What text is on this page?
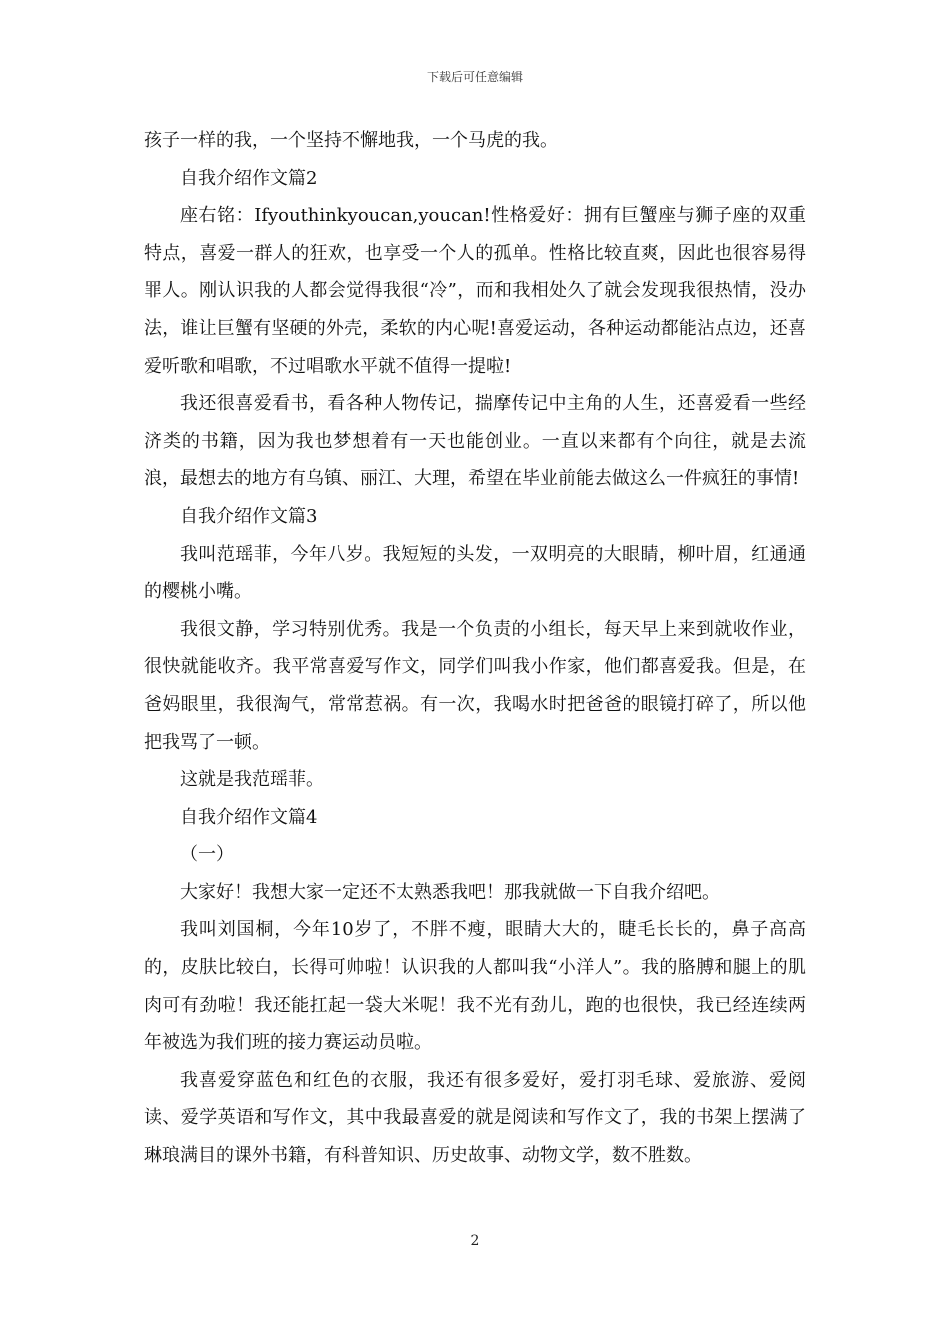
下载后可任意编辑

孩子一样的我，一个坚持不懈地我，一个马虎的我。

自我介绍作文篇2

座右铭：Ifyouthinkyoucan,youcan!性格爱好：拥有巨蟹座与狮子座的双重特点，喜爱一群人的狂欢，也享受一个人的孤单。性格比较直爽，因此也很容易得罪人。刚认识我的人都会觉得我很“冷”，而和我相处久了就会发现我很热情，没办法，谁让巨蟹有坚硬的外壳，柔软的内心呢!喜爱运动，各种运动都能沾点边，还喜爱听歌和唱歌，不过唱歌水平就不值得一提啦!

我还很喜爱看书，看各种人物传记，揣摩传记中主角的人生，还喜爱看一些经济类的书籍，因为我也梦想着有一天也能创业。一直以来都有个向往，就是去流浪，最想去的地方有乌镇、丽江、大理，希望在毕业前能去做这么一件疯狂的事情!

自我介绍作文篇3

我叫范瑶菲，今年八岁。我短短的头发，一双明亮的大眼睛，柳叶眉，红通通的樱桃小嘴。

我很文静，学习特别优秀。我是一个负责的小组长，每天早上来到就收作业，很快就能收齐。我平常喜爱写作文，同学们叫我小作家，他们都喜爱我。但是，在爸妈眼里，我很淘气，常常惹祸。有一次，我喝水时把爸爸的眼镜打碎了，所以他把我骂了一顿。

这就是我范瑶菲。

自我介绍作文篇4

（一）

大家好！我想大家一定还不太熟悉我吧！那我就做一下自我介绍吧。

我叫刘国桐，今年10岁了，不胖不瘦，眼睛大大的，睫毛长长的，鼻子高高的，皮肤比较白，长得可帅啦！认识我的人都叫我“小洋人”。我的胳膊和腿上的肌肉可有劲啦！我还能扛起一袋大米呢！我不光有劲儿，跑的也很快，我已经连续两年被选为我们班的接力赛运动员啦。

我喜爱穿蓝色和红色的衣服，我还有很多爱好，爱打羽毛球、爱旅游、爱阅读、爱学英语和写作文，其中我最喜爱的就是阅读和写作文了，我的书架上摆满了琳琅满目的课外书籍，有科普知识、历史故事、动物文学，数不胜数。

2
